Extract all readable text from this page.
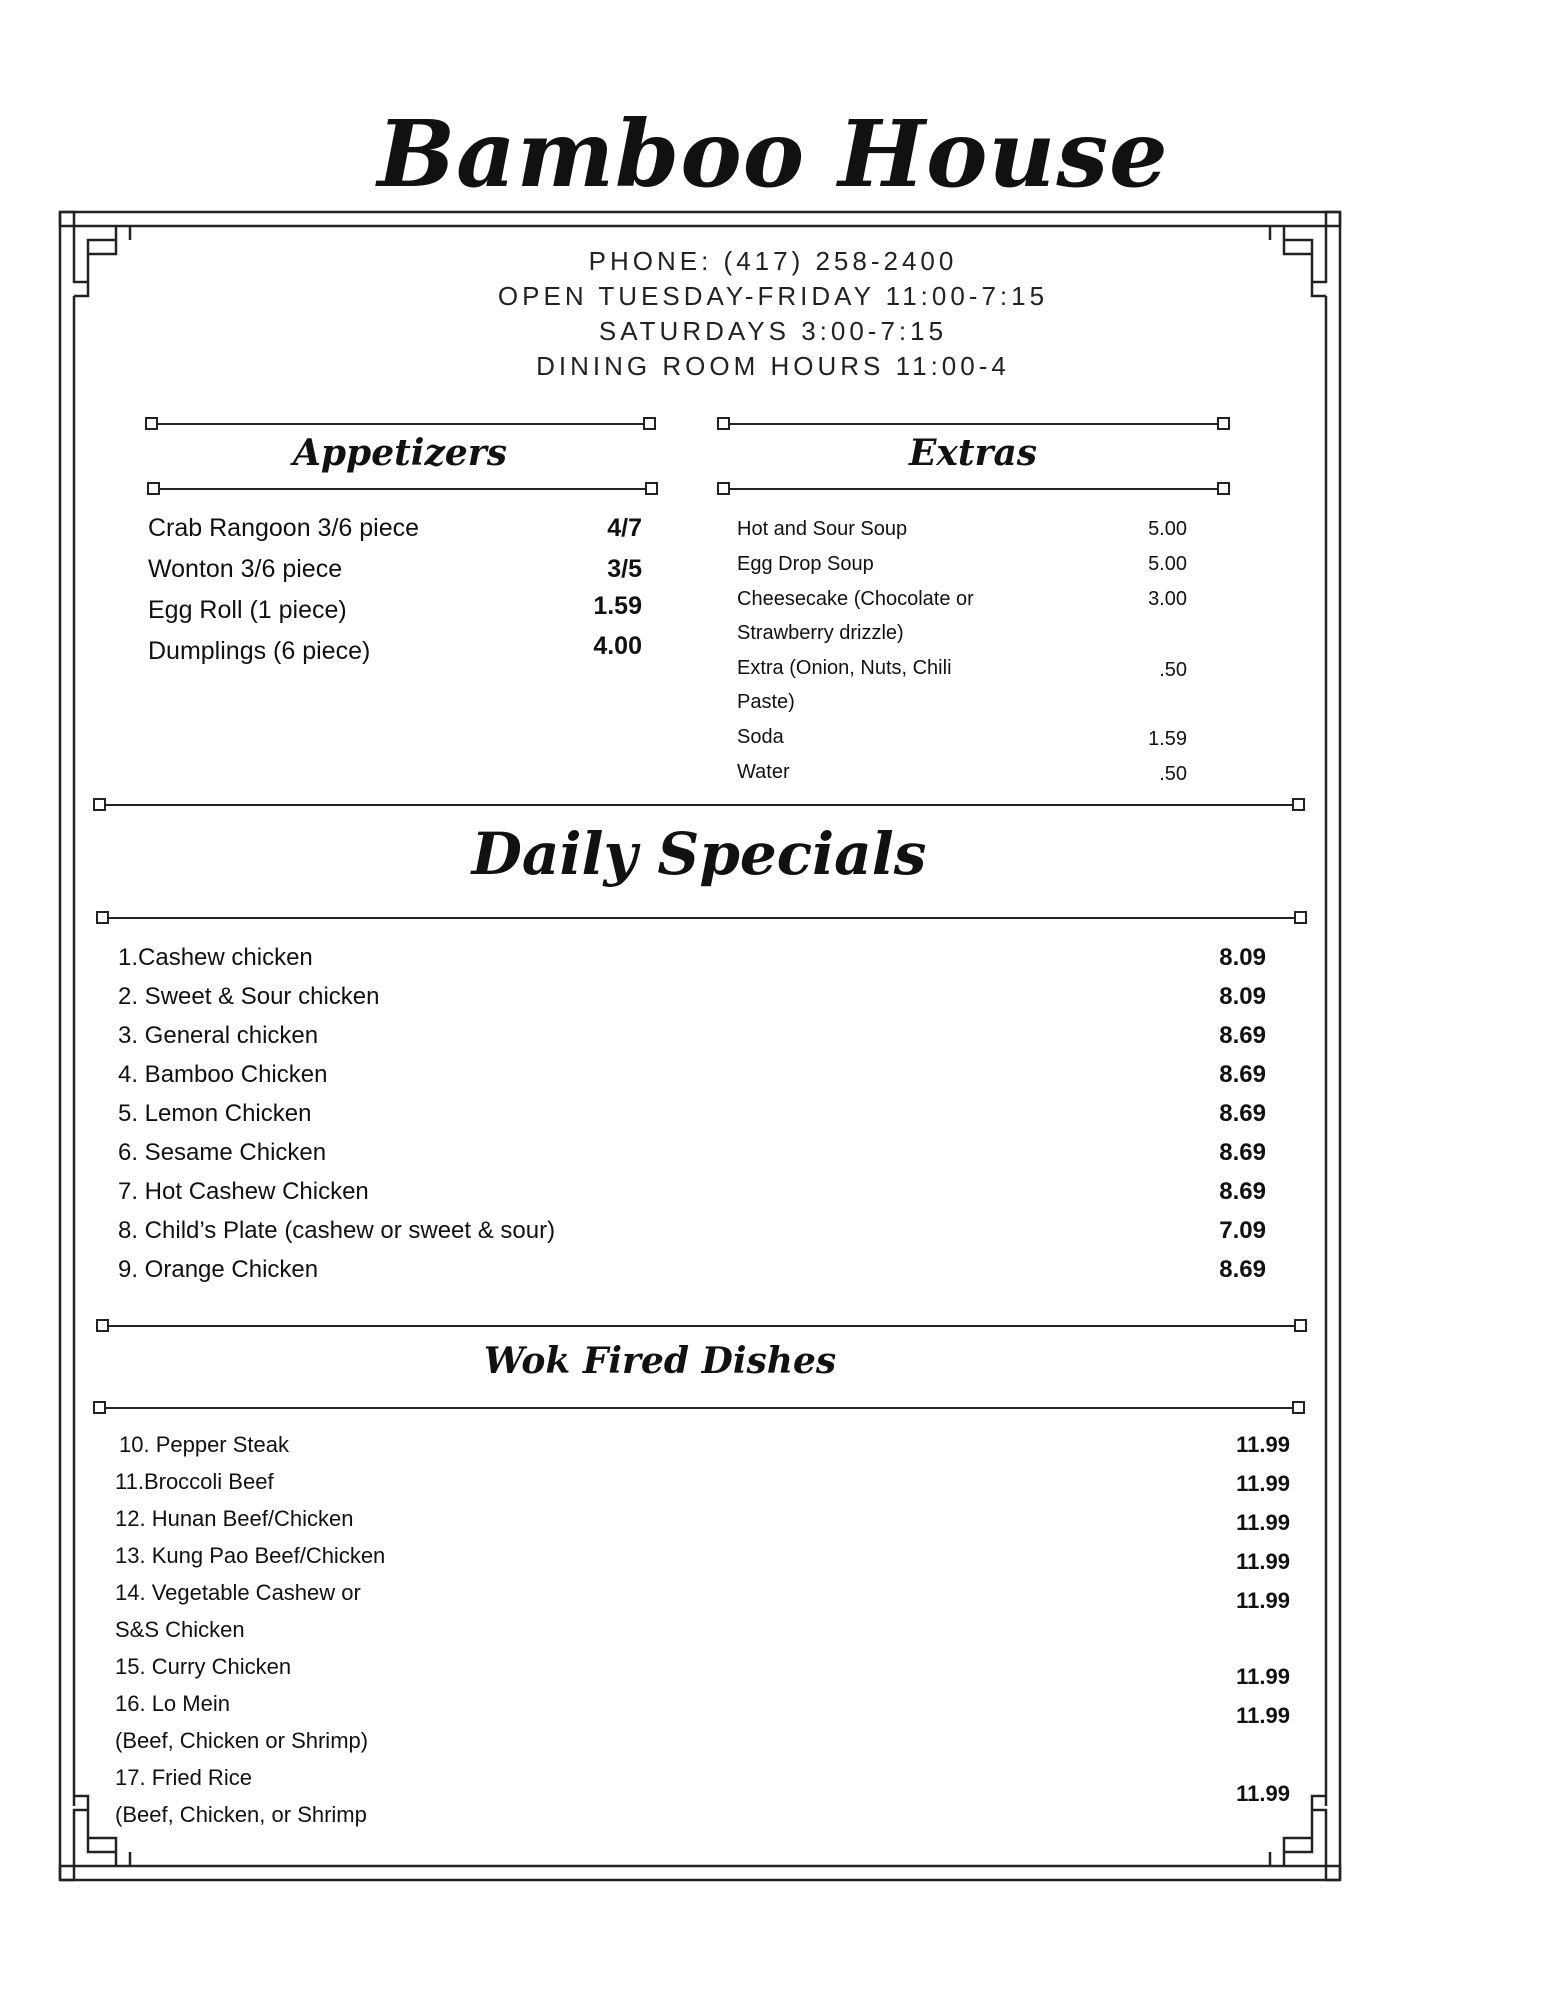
Bamboo House
PHONE: (417) 258-2400
OPEN TUESDAY-FRIDAY 11:00-7:15
SATURDAYS 3:00-7:15
DINING ROOM HOURS 11:00-4
Appetizers
Crab Rangoon 3/6 piece	4/7
Wonton 3/6 piece	3/5
Egg Roll (1 piece)	1.59
Dumplings (6 piece)	4.00
Extras
Hot and Sour Soup	5.00
Egg Drop Soup	5.00
Cheesecake (Chocolate or Strawberry drizzle)
3.00
Extra (Onion, Nuts, Chili Paste)
.50
Soda	1.59
Water	.50
Daily Specials
1.Cashew chicken	8.09
2. Sweet & Sour chicken	8.09
3. General chicken	8.69
4. Bamboo Chicken	8.69
5. Lemon Chicken	8.69
6. Sesame Chicken	8.69
7. Hot Cashew Chicken	8.69
8. Child’s Plate (cashew or sweet & sour)	7.09
9. Orange Chicken	8.69
Wok Fired Dishes
10. Pepper Steak	11.99
11.Broccoli Beef	11.99
12. Hunan Beef/Chicken	11.99
13. Kung Pao Beef/Chicken	11.99
14. Vegetable Cashew or
S&S Chicken
11.99
15. Curry Chicken	11.99
16. Lo Mein
(Beef, Chicken or Shrimp)
11.99
17. Fried Rice
(Beef, Chicken, or Shrimp
11.99
